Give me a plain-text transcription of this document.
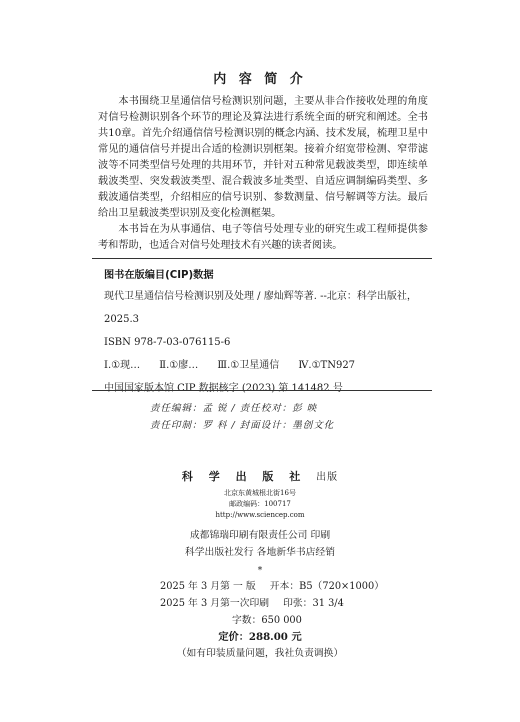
内 容 简 介

本书围绕卫星通信信号检测识别问题，主要从非合作接收处理的角度对信号检测识别各个环节的理论及算法进行系统全面的研究和阐述。全书共10章。首先介绍通信信号检测识别的概念内涵、技术发展，梳理卫星中常见的通信信号并提出合适的检测识别框架。接着介绍宽带检测、窄带滤波等不同类型信号处理的共用环节，并针对五种常见载波类型，即连续单载波类型、突发载波类型、混合载波多址类型、自适应调制编码类型、多载波通信类型，介绍相应的信号识别、参数测量、信号解调等方法。最后给出卫星载波类型识别及变化检测框架。

本书旨在为从事通信、电子等信号处理专业的研究生或工程师提供参考和帮助，也适合对信号处理技术有兴趣的读者阅读。

图书在版编目(CIP)数据
现代卫星通信信号检测识别及处理 / 廖灿辉等著. --北京：科学出版社，
2025.3
ISBN 978-7-03-076115-6
Ⅰ.①现… Ⅱ.①廖… Ⅲ.①卫星通信 Ⅳ.①TN927
中国国家版本馆 CIP 数据核字 (2023) 第 141482 号
责任编辑：孟 锐 / 责任校对：彭 映
责任印制：罗 科 / 封面设计：墨创文化
科 学 出 版 社 出版
北京东黄城根北街16号
邮政编码：100717
http://www.sciencep.com
成都锦瑞印刷有限责任公司 印刷
科学出版社发行 各地新华书店经销
*
2025 年 3 月第 一 版 开本：B5（720×1000）
2025 年 3 月第一次印刷 印张：31 3/4
字数：650 000
定价：288.00 元
（如有印装质量问题，我社负责调换）
